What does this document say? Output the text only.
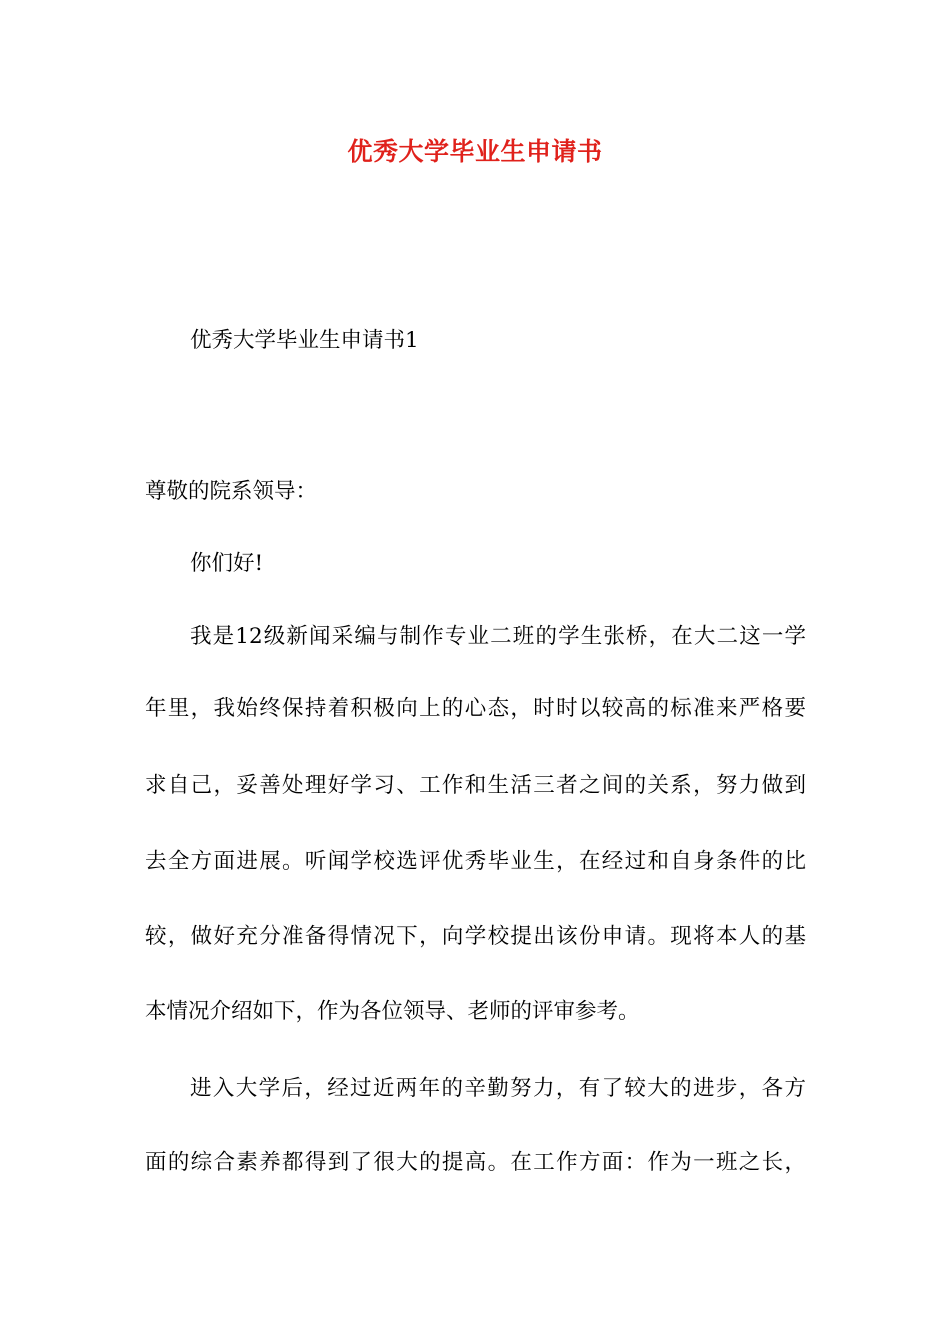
优秀大学毕业生申请书
优秀大学毕业生申请书1
尊敬的院系领导：
你们好!
我是12级新闻采编与制作专业二班的学生张桥，在大二这一学
年里，我始终保持着积极向上的心态，时时以较高的标准来严格要
求自己，妥善处理好学习、工作和生活三者之间的关系，努力做到
去全方面进展。听闻学校选评优秀毕业生，在经过和自身条件的比
较，做好充分准备得情况下，向学校提出该份申请。现将本人的基
本情况介绍如下，作为各位领导、老师的评审参考。
进入大学后，经过近两年的辛勤努力，有了较大的进步，各方
面的综合素养都得到了很大的提高。在工作方面：作为一班之长，
